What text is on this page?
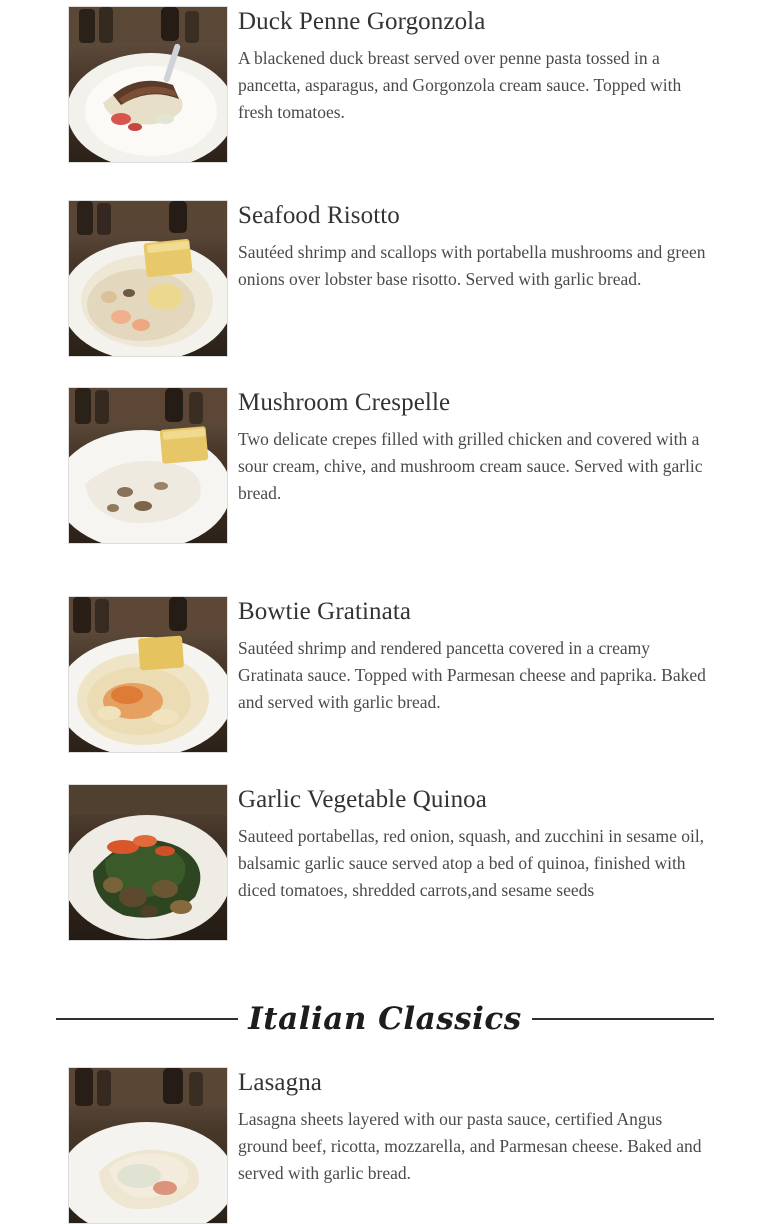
Duck Penne Gorgonzola

A blackened duck breast served over penne pasta tossed in a pancetta, asparagus, and Gorgonzola cream sauce. Topped with fresh tomatoes.

Seafood Risotto

Sautéed shrimp and scallops with portabella mushrooms and green onions over lobster base risotto. Served with garlic bread.

Mushroom Crespelle

Two delicate crepes filled with grilled chicken and covered with a sour cream, chive, and mushroom cream sauce. Served with garlic bread.

Bowtie Gratinata

Sautéed shrimp and rendered pancetta covered in a creamy Gratinata sauce. Topped with Parmesan cheese and paprika. Baked and served with garlic bread.

Garlic Vegetable Quinoa

Sauteed portabellas, red onion, squash, and zucchini in sesame oil, balsamic garlic sauce served atop a bed of quinoa, finished with diced tomatoes, shredded carrots,and sesame seeds

Italian Classics
Lasagna

Lasagna sheets layered with our pasta sauce, certified Angus ground beef, ricotta, mozzarella, and Parmesan cheese. Baked and served with garlic bread.
